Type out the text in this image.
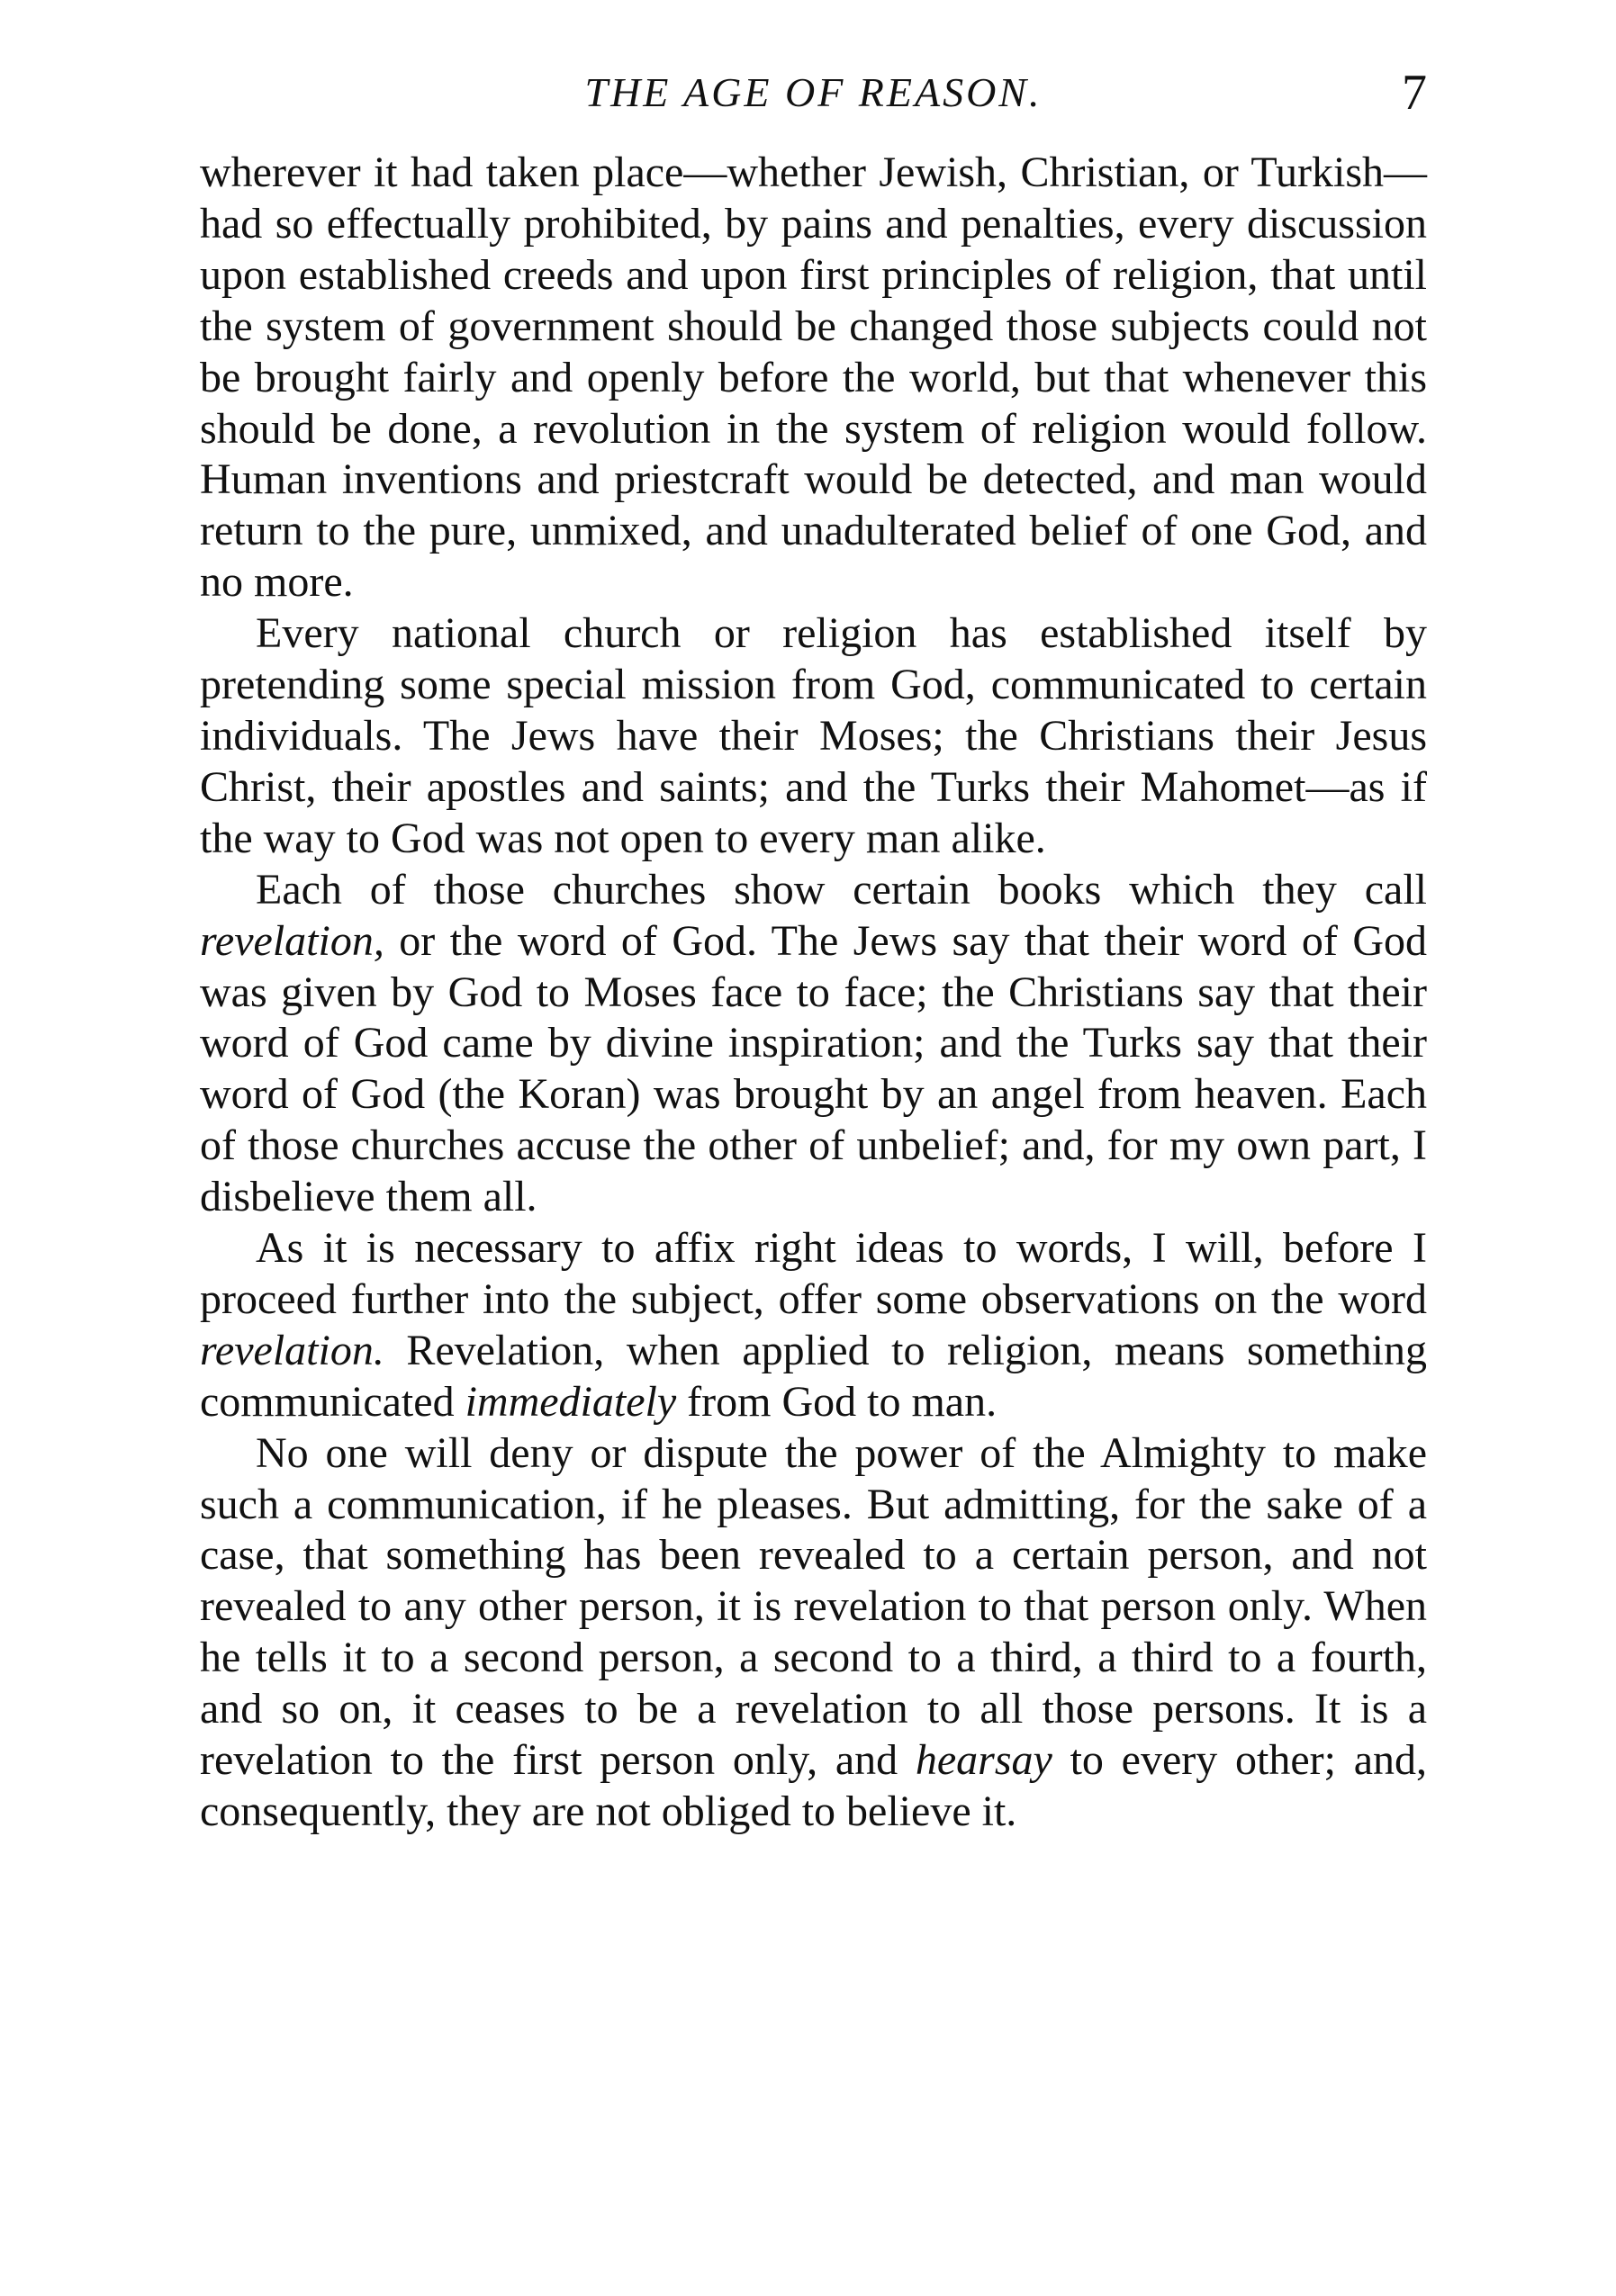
THE AGE OF REASON.	7

wherever it had taken place—whether Jewish, Christian, or Turkish—had so effectually prohibited, by pains and penalties, every discussion upon established creeds and upon first principles of religion, that until the system of government should be changed those subjects could not be brought fairly and openly before the world, but that whenever this should be done, a revolution in the system of religion would follow. Human inventions and priestcraft would be detected, and man would return to the pure, unmixed, and unadulterated belief of one God, and no more.

Every national church or religion has established itself by pretending some special mission from God, communicated to certain individuals. The Jews have their Moses; the Christians their Jesus Christ, their apostles and saints; and the Turks their Mahomet—as if the way to God was not open to every man alike.

Each of those churches show certain books which they call revelation, or the word of God. The Jews say that their word of God was given by God to Moses face to face; the Christians say that their word of God came by divine inspiration; and the Turks say that their word of God (the Koran) was brought by an angel from heaven. Each of those churches accuse the other of unbelief; and, for my own part, I disbelieve them all.

As it is necessary to affix right ideas to words, I will, before I proceed further into the subject, offer some observations on the word revelation. Revelation, when applied to religion, means something communicated immediately from God to man.

No one will deny or dispute the power of the Almighty to make such a communication, if he pleases. But admitting, for the sake of a case, that something has been revealed to a certain person, and not revealed to any other person, it is revelation to that person only. When he tells it to a second person, a second to a third, a third to a fourth, and so on, it ceases to be a revelation to all those persons. It is a revelation to the first person only, and hearsay to every other; and, consequently, they are not obliged to believe it.
